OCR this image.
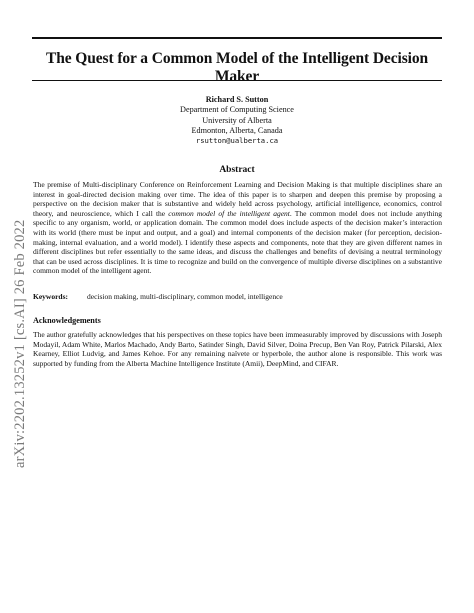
arXiv:2202.13252v1 [cs.AI] 26 Feb 2022
The Quest for a Common Model of the Intelligent Decision Maker
Richard S. Sutton
Department of Computing Science
University of Alberta
Edmonton, Alberta, Canada
rsutton@ualberta.ca
Abstract

The premise of Multi-disciplinary Conference on Reinforcement Learning and Decision Making is that multiple disciplines share an interest in goal-directed decision making over time. The idea of this paper is to sharpen and deepen this premise by proposing a perspective on the decision maker that is substantive and widely held across psychology, artificial intelligence, economics, control theory, and neuroscience, which I call the common model of the intelligent agent. The common model does not include anything specific to any organism, world, or application domain. The common model does include aspects of the decision maker’s interaction with its world (there must be input and output, and a goal) and internal components of the decision maker (for perception, decision-making, internal evaluation, and a world model). I identify these aspects and components, note that they are given different names in different disciplines but refer essentially to the same ideas, and discuss the challenges and benefits of devising a neutral terminology that can be used across disciplines. It is time to recognize and build on the convergence of multiple diverse disciplines on a substantive common model of the intelligent agent.

Keywords:	decision making, multi-disciplinary, common model, intelligence
Acknowledgements

The author gratefully acknowledges that his perspectives on these topics have been immeasurably improved by discussions with Joseph Modayil, Adam White, Marlos Machado, Andy Barto, Satinder Singh, David Silver, Doina Precup, Ben Van Roy, Patrick Pilarski, Alex Kearney, Elliot Ludvig, and James Kehoe. For any remaining naïvete or hyperbole, the author alone is responsible. This work was supported by funding from the Alberta Machine Intelligence Institute (Amii), DeepMind, and CIFAR.
